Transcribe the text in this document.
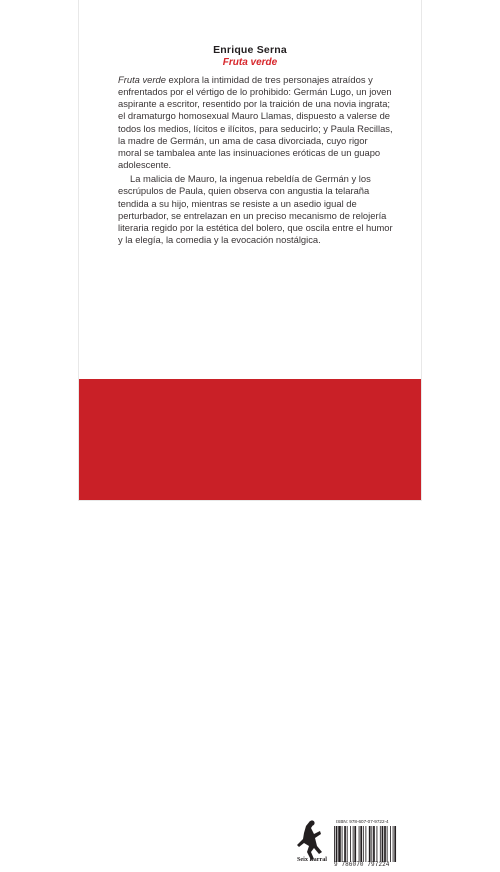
Enrique Serna
Fruta verde

Fruta verde explora la intimidad de tres personajes atraídos y enfrentados por el vértigo de lo prohibido: Germán Lugo, un joven aspirante a escritor, resentido por la traición de una novia ingrata; el dramaturgo homosexual Mauro Llamas, dispuesto a valerse de todos los medios, lícitos e ilícitos, para seducirlo; y Paula Recillas, la madre de Germán, un ama de casa divorciada, cuyo rigor moral se tambalea ante las insinuaciones eróticas de un guapo adolescente.

La malicia de Mauro, la ingenua rebeldía de Germán y los escrúpulos de Paula, quien observa con angustia la telaraña tendida a su hijo, mientras se resiste a un asedio igual de perturbador, se entrelazan en un preciso mecanismo de relojería literaria regido por la estética del bolero, que oscila entre el humor y la elegía, la comedia y la evocación nostálgica.

NOVELA
booket planetadelibros.com.mx	Seix Barral
ISBN: 978-607-07-9722-4
9 786070 797224
